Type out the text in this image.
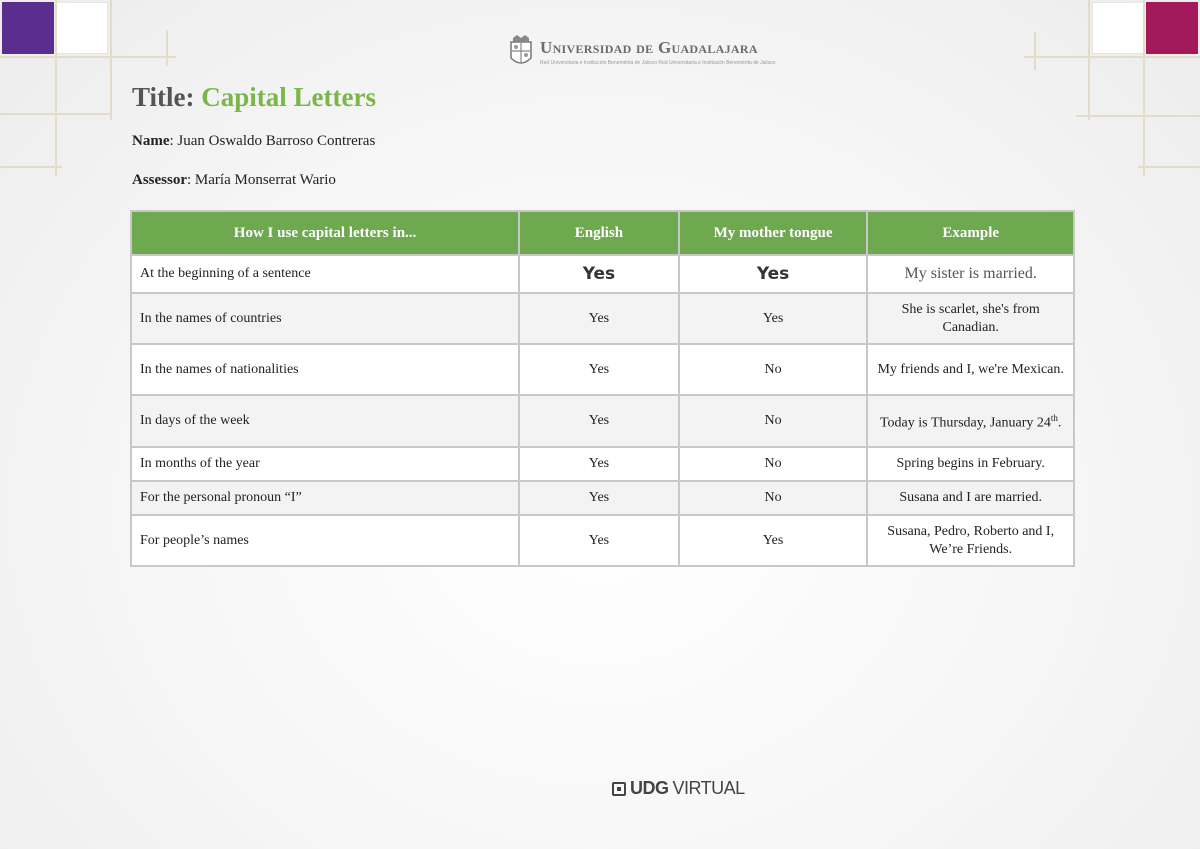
Universidad de Guadalajara
Red Universitaria e Institución Benemérita de Jalisco Red Universitaria e Institución Benemérita de Jalisco
Title: Capital Letters
Name: Juan Oswaldo Barroso Contreras
Assessor: María Monserrat Wario
How I use capital letters in...	English	My mother tongue	Example
At the beginning of a sentence	Yes	Yes	My sister is married.
In the names of countries	Yes	Yes	She is scarlet, she's from Canadian.
In the names of nationalities	Yes	No	My friends and I, we're Mexican.
In days of the week	Yes	No	Today is Thursday, January 24th.
In months of the year	Yes	No	Spring begins in February.
For the personal pronoun “I”	Yes	No	Susana and I are married.
For people’s names	Yes	Yes	Susana, Pedro, Roberto and I, We’re Friends.
UDG VIRTUAL
